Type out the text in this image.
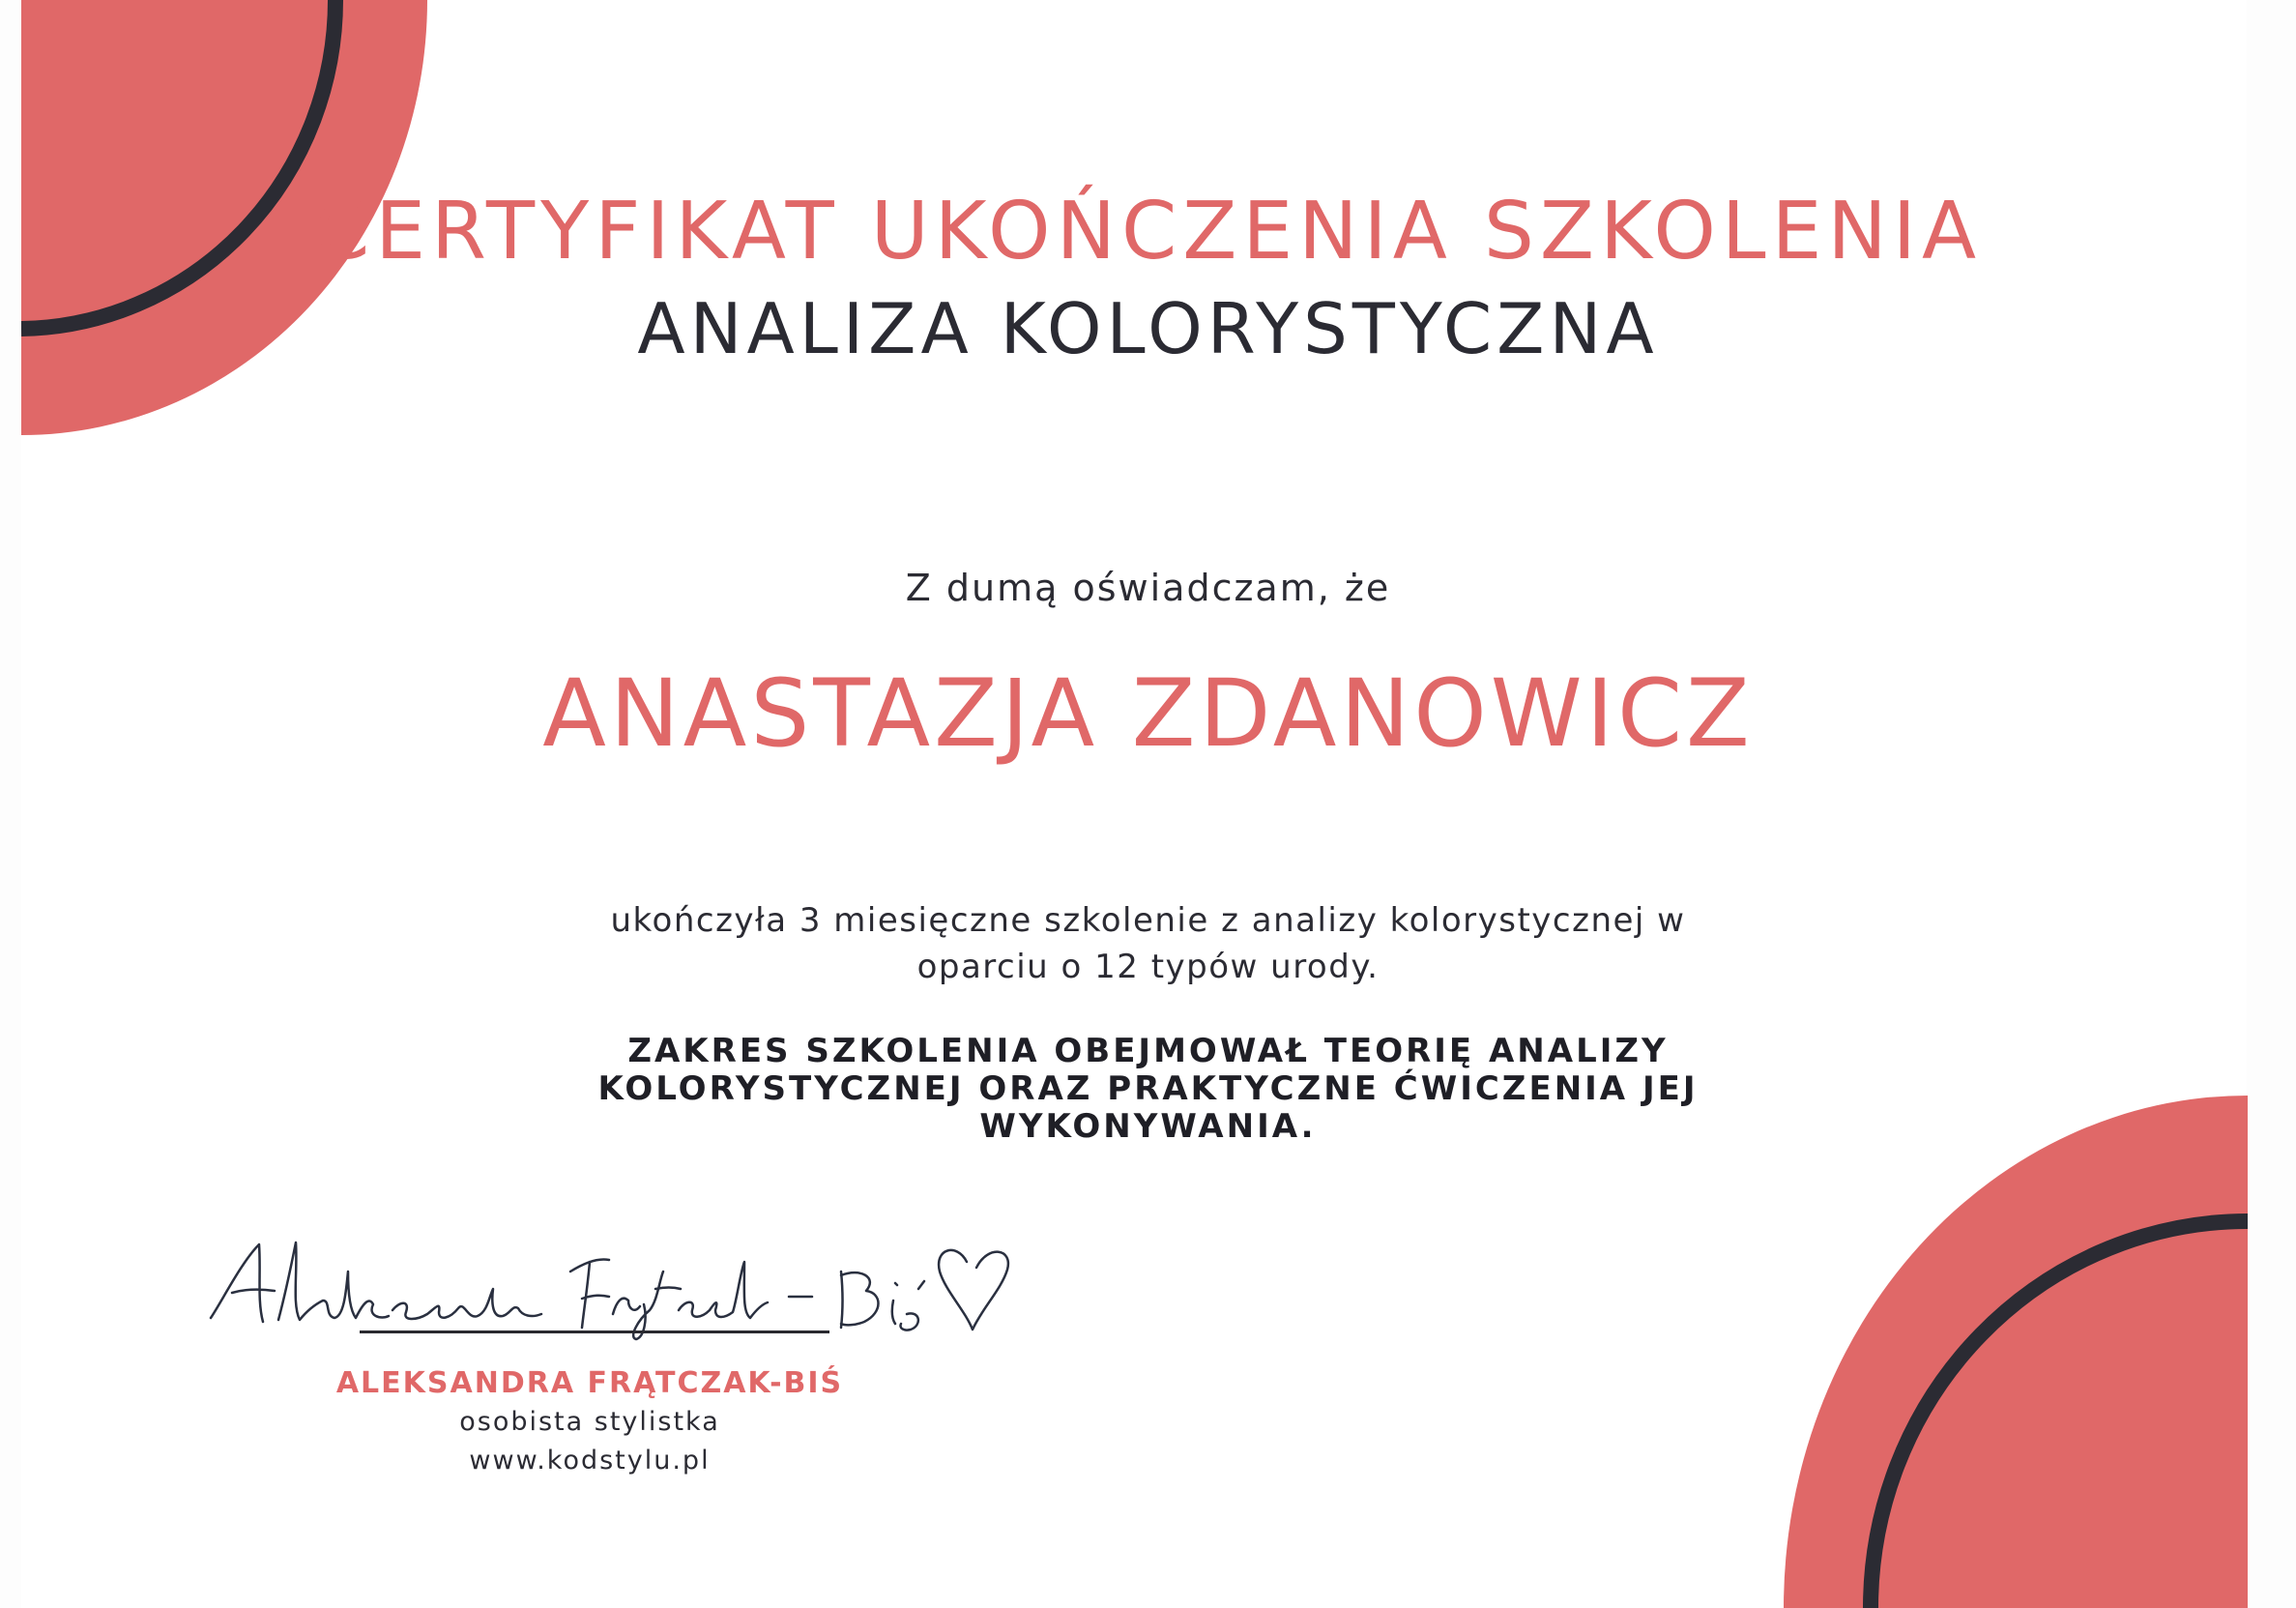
CERTYFIKAT UKOŃCZENIA SZKOLENIA
ANALIZA KOLORYSTYCZNA
Z dumą oświadczam, że
ANASTAZJA ZDANOWICZ
ukończyła 3 miesięczne szkolenie z analizy kolorystycznej w oparciu o 12 typów urody.
ZAKRES SZKOLENIA OBEJMOWAŁ TEORIĘ ANALIZY KOLORYSTYCZNEJ ORAZ PRAKTYCZNE ĆWICZENIA JEJ WYKONYWANIA.
ALEKSANDRA FRĄTCZAK-BIŚ
osobista stylistka
www.kodstylu.pl
